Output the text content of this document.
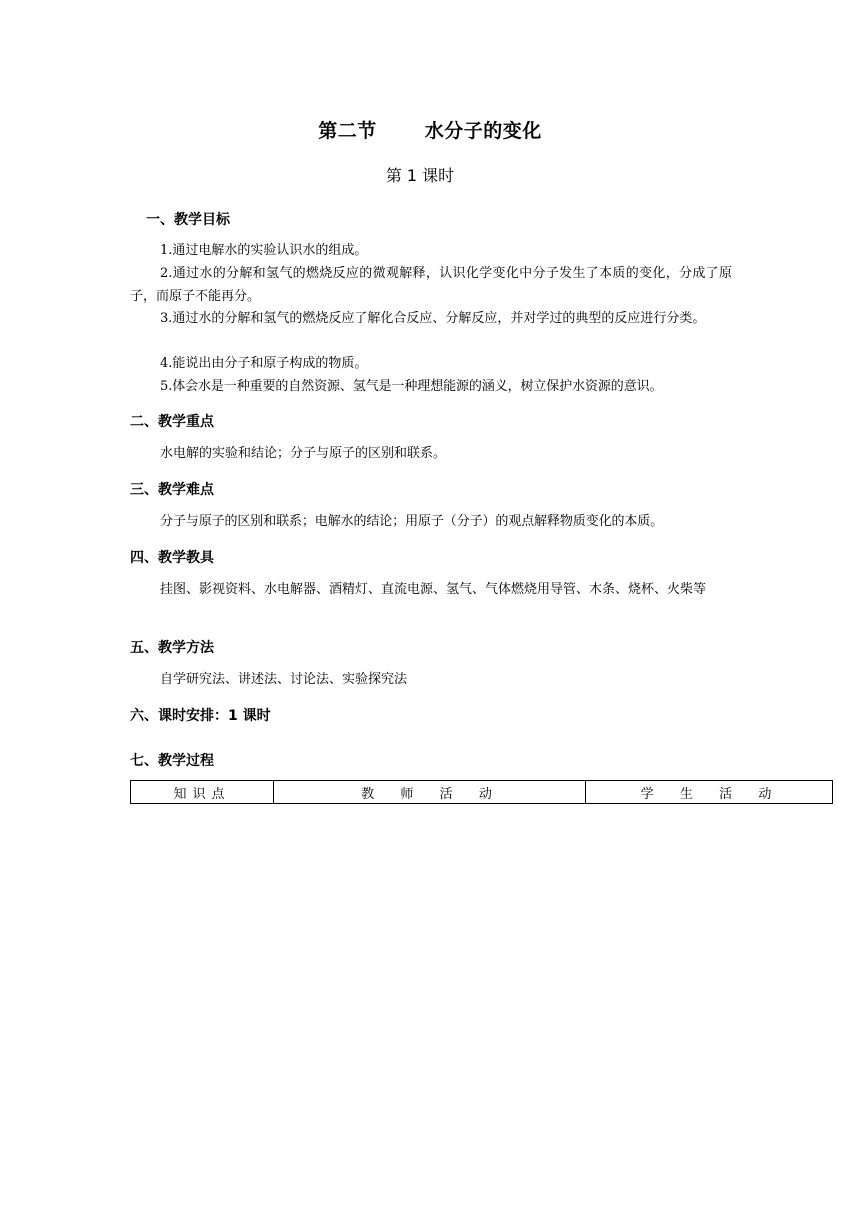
第二节	水分子的变化
第 1 课时
一、教学目标
1.通过电解水的实验认识水的组成。
2.通过水的分解和氢气的燃烧反应的微观解释，认识化学变化中分子发生了本质的变化，分成了原子，而原子不能再分。
3.通过水的分解和氢气的燃烧反应了解化合反应、分解反应，并对学过的典型的反应进行分类。
4.能说出由分子和原子构成的物质。
5.体会水是一种重要的自然资源、氢气是一种理想能源的涵义，树立保护水资源的意识。
二、教学重点
水电解的实验和结论；分子与原子的区别和联系。
三、教学难点
分子与原子的区别和联系；电解水的结论；用原子（分子）的观点解释物质变化的本质。
四、教学教具
挂图、影视资料、水电解器、酒精灯、直流电源、氢气、气体燃烧用导管、木条、烧杯、火柴等
五、教学方法
自学研究法、讲述法、讨论法、实验探究法
六、课时安排：1 课时
七、教学过程
知识点	教  师  活  动	学  生  活  动
